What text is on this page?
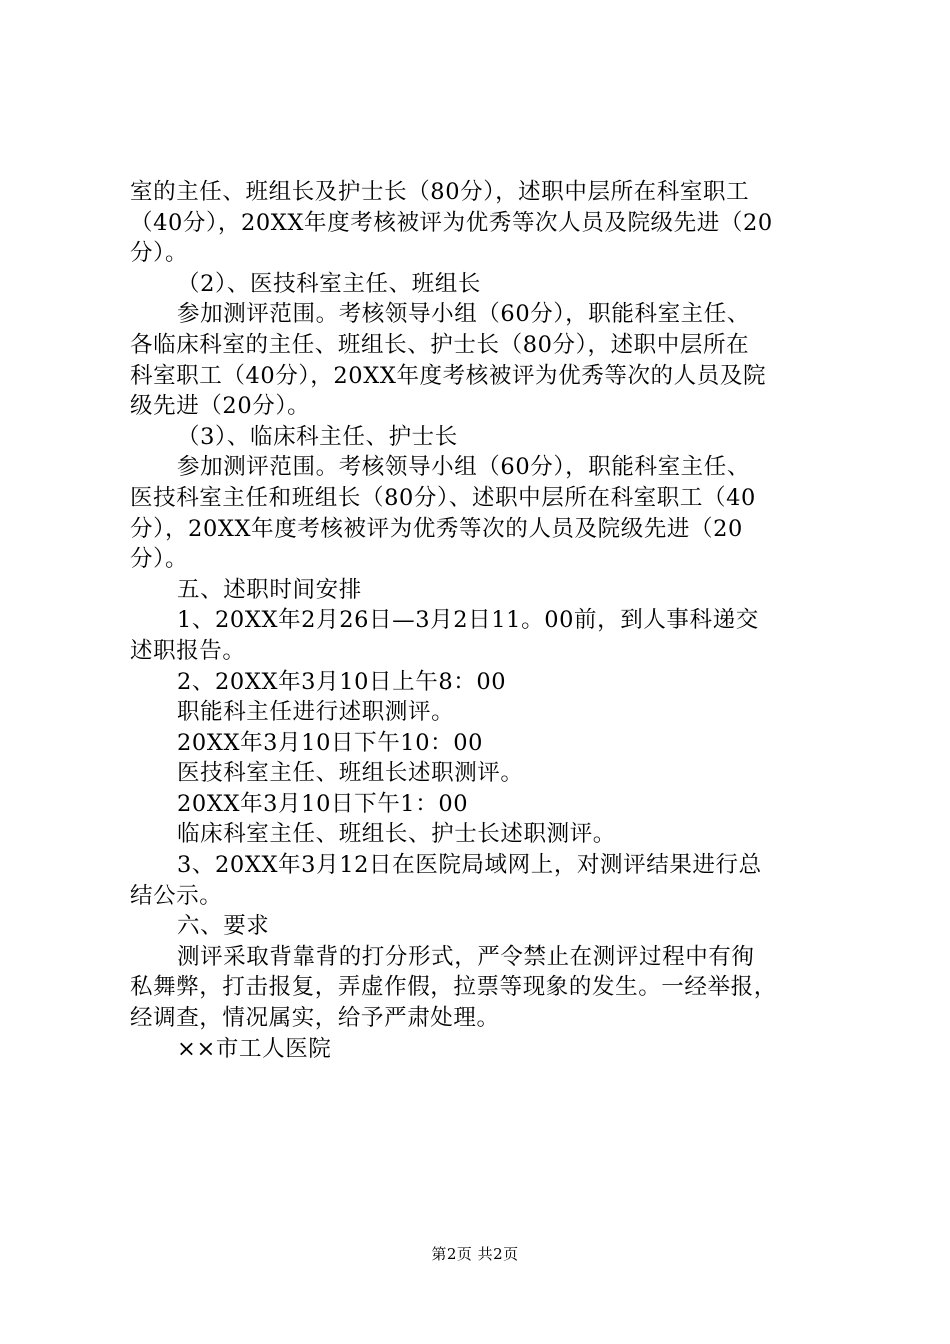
室的主任、班组长及护士长（80分），述职中层所在科室职工
（40分），20XX年度考核被评为优秀等次人员及院级先进（20
分）。
（2）、医技科室主任、班组长
参加测评范围。考核领导小组（60分），职能科室主任、
各临床科室的主任、班组长、护士长（80分），述职中层所在
科室职工（40分），20XX年度考核被评为优秀等次的人员及院
级先进（20分）。
（3）、临床科主任、护士长
参加测评范围。考核领导小组（60分），职能科室主任、
医技科室主任和班组长（80分）、述职中层所在科室职工（40
分），20XX年度考核被评为优秀等次的人员及院级先进（20
分）。
五、述职时间安排
1、20XX年2月26日—3月2日11。00前，到人事科递交
述职报告。
2、20XX年3月10日上午8：00
职能科主任进行述职测评。
20XX年3月10日下午10：00
医技科室主任、班组长述职测评。
20XX年3月10日下午1：00
临床科室主任、班组长、护士长述职测评。
3、20XX年3月12日在医院局域网上，对测评结果进行总
结公示。
六、要求
测评采取背靠背的打分形式，严令禁止在测评过程中有徇
私舞弊，打击报复，弄虚作假，拉票等现象的发生。一经举报，
经调查，情况属实，给予严肃处理。
××市工人医院
第2页 共2页
